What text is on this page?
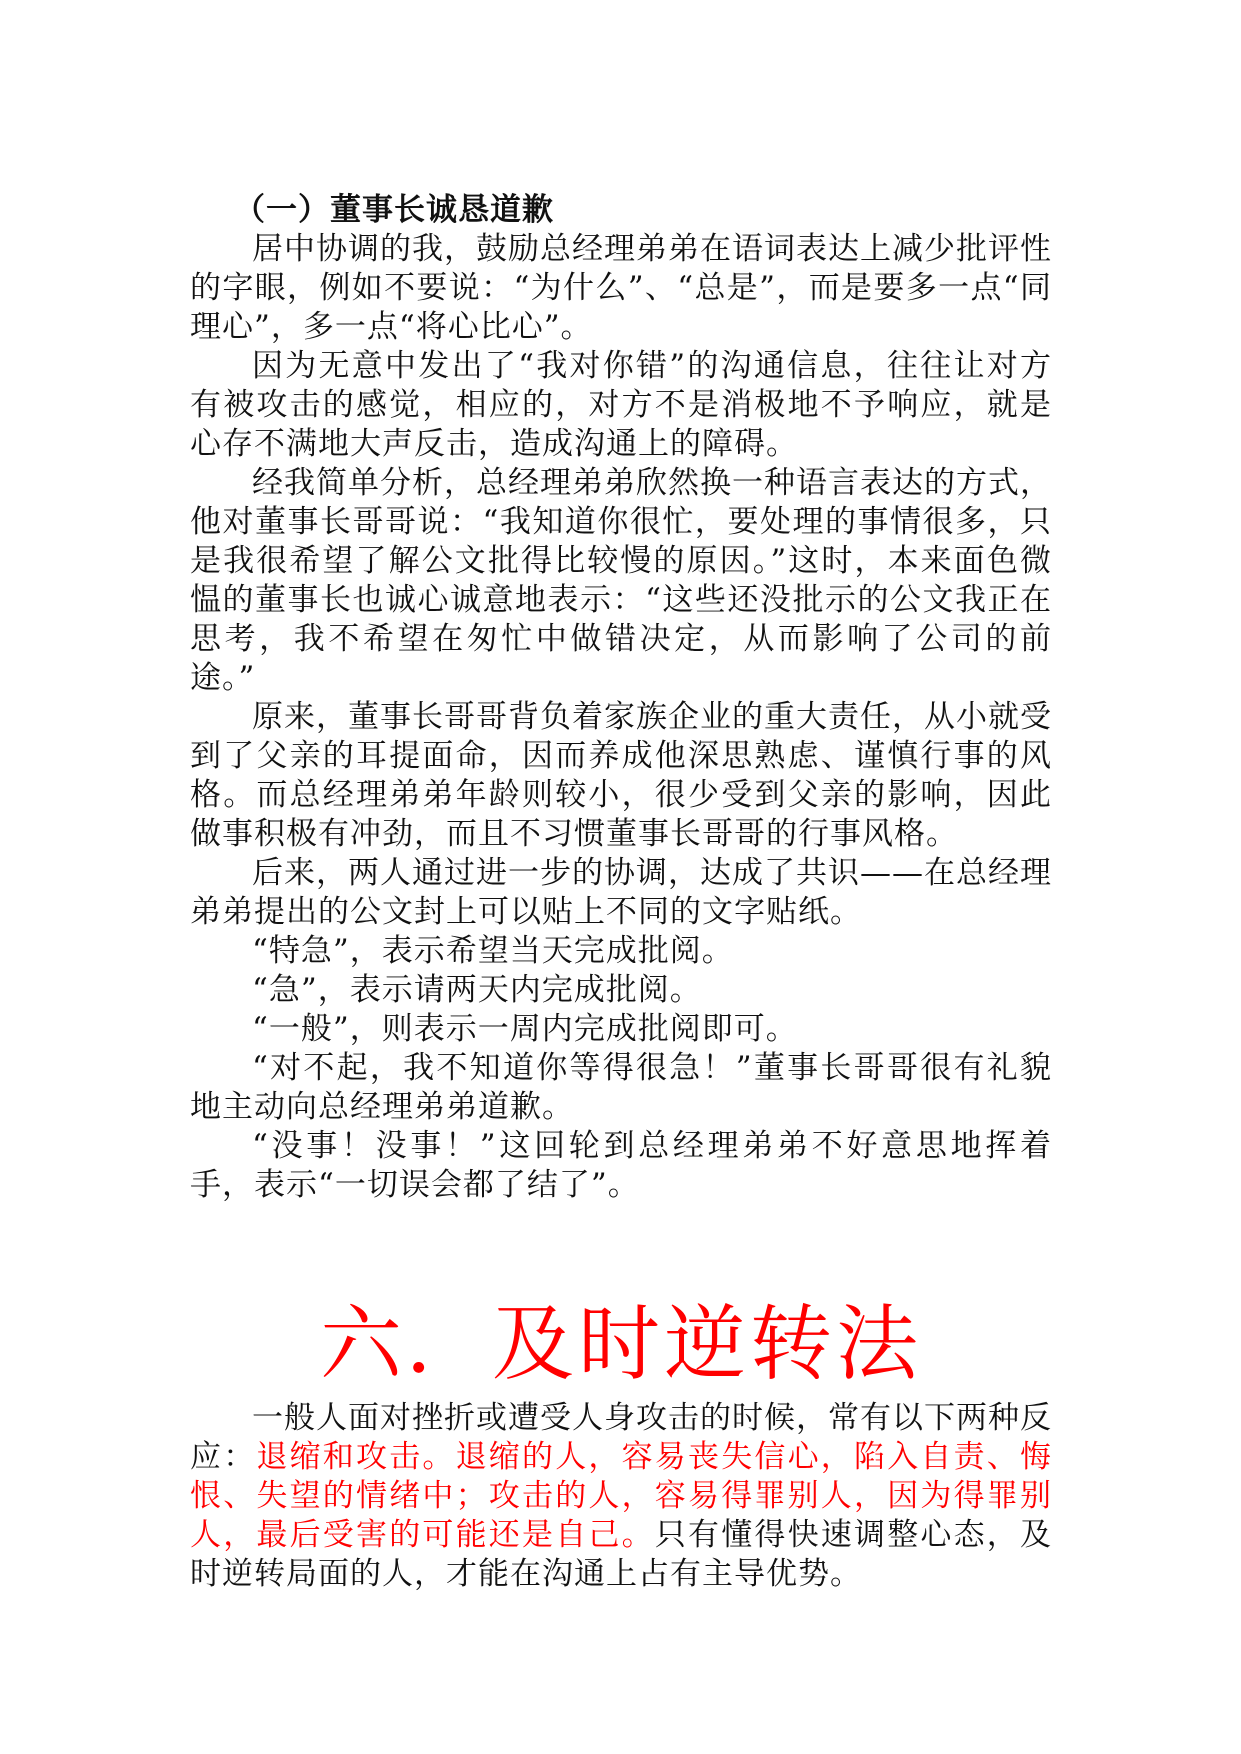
（一）董事长诚恳道歉

居中协调的我，鼓励总经理弟弟在语词表达上减少批评性的字眼，例如不要说：“为什么”、“总是”，而是要多一点“同理心”，多一点“将心比心”。

因为无意中发出了“我对你错”的沟通信息，往往让对方有被攻击的感觉，相应的，对方不是消极地不予响应，就是心存不满地大声反击，造成沟通上的障碍。

经我简单分析，总经理弟弟欣然换一种语言表达的方式，他对董事长哥哥说：“我知道你很忙，要处理的事情很多，只是我很希望了解公文批得比较慢的原因。”这时，本来面色微愠的董事长也诚心诚意地表示：“这些还没批示的公文我正在思考，我不希望在匆忙中做错决定，从而影响了公司的前途。”

原来，董事长哥哥背负着家族企业的重大责任，从小就受到了父亲的耳提面命，因而养成他深思熟虑、谨慎行事的风格。而总经理弟弟年龄则较小，很少受到父亲的影响，因此做事积极有冲劲，而且不习惯董事长哥哥的行事风格。

后来，两人通过进一步的协调，达成了共识——在总经理弟弟提出的公文封上可以贴上不同的文字贴纸。

“特急”，表示希望当天完成批阅。

“急”，表示请两天内完成批阅。

“一般”，则表示一周内完成批阅即可。

“对不起，我不知道你等得很急！”董事长哥哥很有礼貌地主动向总经理弟弟道歉。

“没事！没事！”这回轮到总经理弟弟不好意思地挥着手，表示“一切误会都了结了”。

六．及时逆转法

一般人面对挫折或遭受人身攻击的时候，常有以下两种反应：退缩和攻击。退缩的人，容易丧失信心，陷入自责、悔恨、失望的情绪中；攻击的人，容易得罪别人，因为得罪别人，最后受害的可能还是自己。只有懂得快速调整心态，及时逆转局面的人，才能在沟通上占有主导优势。
